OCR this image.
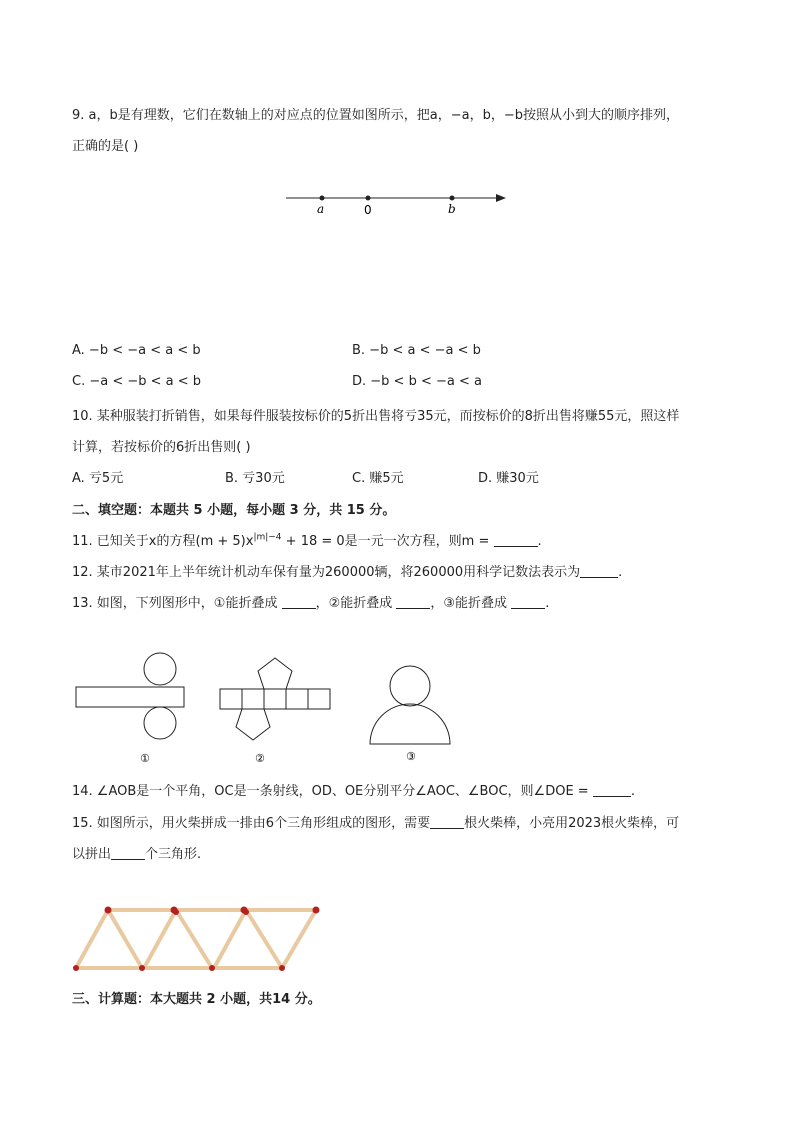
9. a，b是有理数，它们在数轴上的对应点的位置如图所示，把a，−a，b，−b按照从小到大的顺序排列，
正确的是( )
a	0	b
A. −b < −a < a < b	B. −b < a < −a < b
C. −a < −b < a < b	D. −b < b < −a < a
10. 某种服装打折销售，如果每件服装按标价的5折出售将亏35元，而按标价的8折出售将赚55元，照这样
计算，若按标价的6折出售则( )
A. 亏5元	B. 亏30元	C. 赚5元	D. 赚30元
二、填空题：本题共 5 小题，每小题 3 分，共 15 分。
11. 已知关于x的方程$(m + 5)x^{|m|-4} + 18 = 0$是一元一次方程，则m =	.
12. 某市2021年上半年统计机动车保有量为260000辆，将260000用科学记数法表示为	.
13. 如图，下列图形中，①能折叠成	，②能折叠成	，③能折叠成	.
①	②	③
14. ∠AOB是一个平角，OC是一条射线，OD、OE分别平分∠AOC、∠BOC，则∠DOE =	.
15. 如图所示，用火柴拼成一排由6个三角形组成的图形，需要	根火柴棒，小亮用2023根火柴棒，可
以拼出	个三角形.
三、计算题：本大题共 2 小题，共14 分。
